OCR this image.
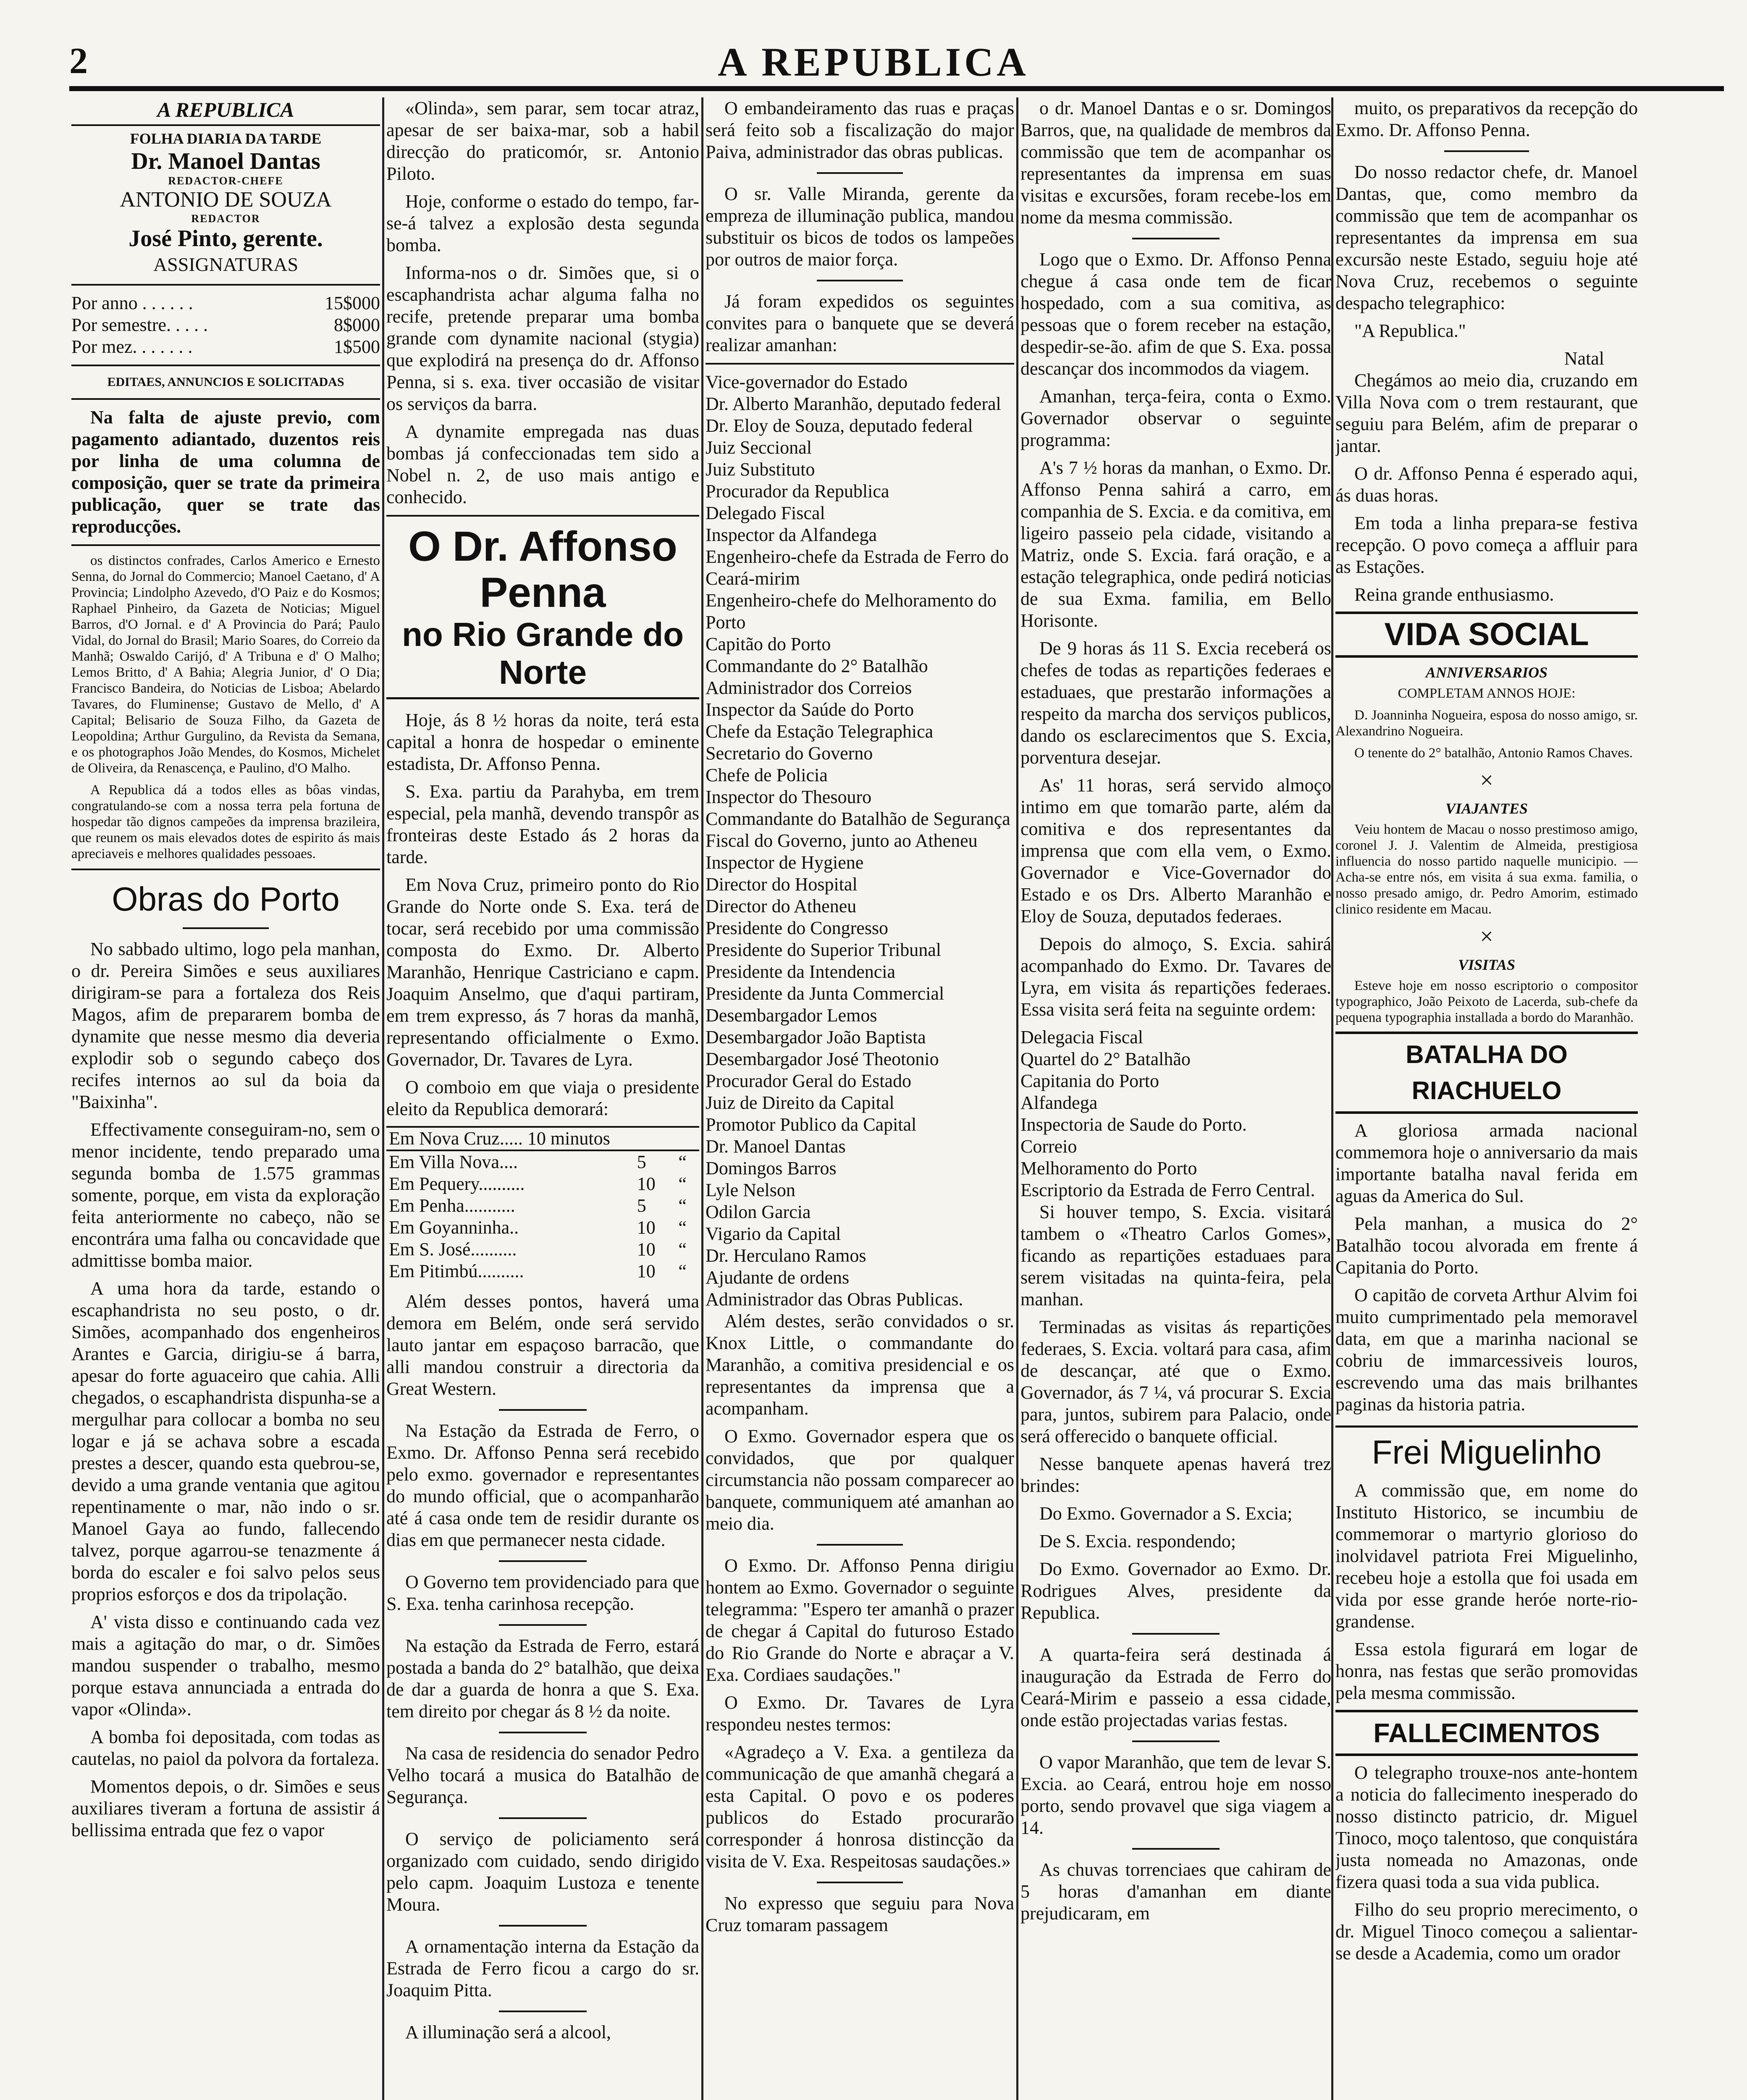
2	A REPUBLICA
A REPUBLICA
FOLHA DIARIA DA TARDE
Dr. Manoel Dantas
REDACTOR-CHEFE
ANTONIO DE SOUZA
REDACTOR
José Pinto, gerente.
ASSIGNATURAS
Por anno . . . . . .	15$000
Por semestre. . . . .	8$000
Por mez. . . . . . .	1$500
EDITAES, ANNUNCIOS E SOLICITADAS

Na falta de ajuste previo, com pagamento adiantado, duzentos reis por linha de uma columna de composição, quer se trate da primeira publicação, quer se trate das reproducções.

os distinctos confrades, Carlos Americo e Ernesto Senna, do Jornal do Commercio; Manoel Caetano, d' A Provincia; Lindolpho Azevedo, d'O Paiz e do Kosmos; Raphael Pinheiro, da Gazeta de Noticias; Miguel Barros, d'O Jornal. e d' A Provincia do Pará; Paulo Vidal, do Jornal do Brasil; Mario Soares, do Correio da Manhã; Oswaldo Carijó, d' A Tribuna e d' O Malho; Lemos Britto, d' A Bahia; Alegria Junior, d' O Dia; Francisco Bandeira, do Noticias de Lisboa; Abelardo Tavares, do Fluminense; Gustavo de Mello, d' A Capital; Belisario de Souza Filho, da Gazeta de Leopoldina; Arthur Gurgulino, da Revista da Semana, e os photographos João Mendes, do Kosmos, Michelet de Oliveira, da Renascença, e Paulino, d'O Malho.

A Republica dá a todos elles as bôas vindas, congratulando-se com a nossa terra pela fortuna de hospedar tão dignos campeões da imprensa brazileira, que reunem os mais elevados dotes de espirito ás mais apreciaveis e melhores qualidades pessoaes.

Obras do Porto

No sabbado ultimo, logo pela manhan, o dr. Pereira Simões e seus auxiliares dirigiram-se para a fortaleza dos Reis Magos, afim de prepararem bomba de dynamite que nesse mesmo dia deveria explodir sob o segundo cabeço dos recifes internos ao sul da boia da "Baixinha".

Effectivamente conseguiram-no, sem o menor incidente, tendo preparado uma segunda bomba de 1.575 grammas somente, porque, em vista da exploração feita anteriormente no cabeço, não se encontrára uma falha ou concavidade que admittisse bomba maior.

A uma hora da tarde, estando o escaphandrista no seu posto, o dr. Simões, acompanhado dos engenheiros Arantes e Garcia, dirigiu-se á barra, apesar do forte aguaceiro que cahia. Alli chegados, o escaphandrista dispunha-se a mergulhar para collocar a bomba no seu logar e já se achava sobre a escada prestes a descer, quando esta quebrou-se, devido a uma grande ventania que agitou repentinamente o mar, não indo o sr. Manoel Gaya ao fundo, fallecendo talvez, porque agarrou-se tenazmente á borda do escaler e foi salvo pelos seus proprios esforços e dos da tripolação.

A' vista disso e continuando cada vez mais a agitação do mar, o dr. Simões mandou suspender o trabalho, mesmo porque estava annunciada a entrada do vapor «Olinda».

A bomba foi depositada, com todas as cautelas, no paiol da polvora da fortaleza.

Momentos depois, o dr. Simões e seus auxiliares tiveram a fortuna de assistir á bellissima entrada que fez o vapor

«Olinda», sem parar, sem tocar atraz, apesar de ser baixa-mar, sob a habil direcção do praticomór, sr. Antonio Piloto.

Hoje, conforme o estado do tempo, far-se-á talvez a explosão desta segunda bomba.

Informa-nos o dr. Simões que, si o escaphandrista achar alguma falha no recife, pretende preparar uma bomba grande com dynamite nacional (stygia) que explodirá na presença do dr. Affonso Penna, si s. exa. tiver occasião de visitar os serviços da barra.

A dynamite empregada nas duas bombas já confeccionadas tem sido a Nobel n. 2, de uso mais antigo e conhecido.

O Dr. Affonso Penna
no Rio Grande do Norte

Hoje, ás 8 ½ horas da noite, terá esta capital a honra de hospedar o eminente estadista, Dr. Affonso Penna.

S. Exa. partiu da Parahyba, em trem especial, pela manhã, devendo transpôr as fronteiras deste Estado ás 2 horas da tarde.

Em Nova Cruz, primeiro ponto do Rio Grande do Norte onde S. Exa. terá de tocar, será recebido por uma commissão composta do Exmo. Dr. Alberto Maranhão, Henrique Castriciano e capm. Joaquim Anselmo, que d'aqui partiram, em trem expresso, ás 7 horas da manhã, representando officialmente o Exmo. Governador, Dr. Tavares de Lyra.

O comboio em que viaja o presidente eleito da Republica demorará:

Em Nova Cruz..... 10 minutos		
Em Villa Nova....	5	“
Em Pequery..........	10	“
Em Penha...........	5	“
Em Goyanninha..	10	“
Em S. José..........	10	“
Em Pitimbú..........	10	“

Além desses pontos, haverá uma demora em Belém, onde será servido lauto jantar em espaçoso barracão, que alli mandou construir a directoria da Great Western.

Na Estação da Estrada de Ferro, o Exmo. Dr. Affonso Penna será recebido pelo exmo. governador e representantes do mundo official, que o acompanharão até á casa onde tem de residir durante os dias em que permanecer nesta cidade.

O Governo tem providenciado para que S. Exa. tenha carinhosa recepção.

Na estação da Estrada de Ferro, estará postada a banda do 2° batalhão, que deixa de dar a guarda de honra a que S. Exa. tem direito por chegar ás 8 ½ da noite.

Na casa de residencia do senador Pedro Velho tocará a musica do Batalhão de Segurança.

O serviço de policiamento será organizado com cuidado, sendo dirigido pelo capm. Joaquim Lustoza e tenente Moura.

A ornamentação interna da Estação da Estrada de Ferro ficou a cargo do sr. Joaquim Pitta.

A illuminação será a alcool,

O embandeiramento das ruas e praças será feito sob a fiscalização do major Paiva, administrador das obras publicas.

O sr. Valle Miranda, gerente da empreza de illuminação publica, mandou substituir os bicos de todos os lampeões por outros de maior força.

Já foram expedidos os seguintes convites para o banquete que se deverá realizar amanhan:

Vice-governador do Estado
Dr. Alberto Maranhão, deputado federal
Dr. Eloy de Souza, deputado federal
Juiz Seccional
Juiz Substituto
Procurador da Republica
Delegado Fiscal
Inspector da Alfandega
Engenheiro-chefe da Estrada de Ferro do Ceará-mirim
Engenheiro-chefe do Melhoramento do Porto
Capitão do Porto
Commandante do 2° Batalhão
Administrador dos Correios
Inspector da Saúde do Porto
Chefe da Estação Telegraphica
Secretario do Governo
Chefe de Policia
Inspector do Thesouro
Commandante do Batalhão de Segurança
Fiscal do Governo, junto ao Atheneu
Inspector de Hygiene
Director do Hospital
Director do Atheneu
Presidente do Congresso
Presidente do Superior Tribunal
Presidente da Intendencia
Presidente da Junta Commercial
Desembargador Lemos
Desembargador João Baptista
Desembargador José Theotonio
Procurador Geral do Estado
Juiz de Direito da Capital
Promotor Publico da Capital
Dr. Manoel Dantas
Domingos Barros
Lyle Nelson
Odilon Garcia
Vigario da Capital
Dr. Herculano Ramos
Ajudante de ordens
Administrador das Obras Publicas.

Além destes, serão convidados o sr. Knox Little, o commandante do Maranhão, a comitiva presidencial e os representantes da imprensa que a acompanham.

O Exmo. Governador espera que os convidados, que por qualquer circumstancia não possam comparecer ao banquete, communiquem até amanhan ao meio dia.

O Exmo. Dr. Affonso Penna dirigiu hontem ao Exmo. Governador o seguinte telegramma: "Espero ter amanhã o prazer de chegar á Capital do futuroso Estado do Rio Grande do Norte e abraçar a V. Exa. Cordiaes saudações."

O Exmo. Dr. Tavares de Lyra respondeu nestes termos:

«Agradeço a V. Exa. a gentileza da communicação de que amanhã chegará a esta Capital. O povo e os poderes publicos do Estado procurarão corresponder á honrosa distincção da visita de V. Exa. Respeitosas saudações.»

No expresso que seguiu para Nova Cruz tomaram passagem

o dr. Manoel Dantas e o sr. Domingos Barros, que, na qualidade de membros da commissão que tem de acompanhar os representantes da imprensa em suas visitas e excursões, foram recebe-los em nome da mesma commissão.

Logo que o Exmo. Dr. Affonso Penna chegue á casa onde tem de ficar hospedado, com a sua comitiva, as pessoas que o forem receber na estação, despedir-se-ão. afim de que S. Exa. possa descançar dos incommodos da viagem.

Amanhan, terça-feira, conta o Exmo. Governador observar o seguinte programma:

A's 7 ½ horas da manhan, o Exmo. Dr. Affonso Penna sahirá a carro, em companhia de S. Excia. e da comitiva, em ligeiro passeio pela cidade, visitando a Matriz, onde S. Excia. fará oração, e a estação telegraphica, onde pedirá noticias de sua Exma. familia, em Bello Horisonte.

De 9 horas ás 11 S. Excia receberá os chefes de todas as repartições federaes e estaduaes, que prestarão informações a respeito da marcha dos serviços publicos, dando os esclarecimentos que S. Excia, porventura desejar.

As' 11 horas, será servido almoço intimo em que tomarão parte, além da comitiva e dos representantes da imprensa que com ella vem, o Exmo. Governador e Vice-Governador do Estado e os Drs. Alberto Maranhão e Eloy de Souza, deputados federaes.

Depois do almoço, S. Excia. sahirá acompanhado do Exmo. Dr. Tavares de Lyra, em visita ás repartições federaes. Essa visita será feita na seguinte ordem:

Delegacia Fiscal
Quartel do 2° Batalhão
Capitania do Porto
Alfandega
Inspectoria de Saude do Porto.
Correio
Melhoramento do Porto
Escriptorio da Estrada de Ferro Central.

Si houver tempo, S. Excia. visitará tambem o «Theatro Carlos Gomes», ficando as repartições estaduaes para serem visitadas na quinta-feira, pela manhan.

Terminadas as visitas ás repartições federaes, S. Excia. voltará para casa, afim de descançar, até que o Exmo. Governador, ás 7 ¼, vá procurar S. Excia para, juntos, subirem para Palacio, onde será offerecido o banquete official.

Nesse banquete apenas haverá trez brindes:

Do Exmo. Governador a S. Excia;

De S. Excia. respondendo;

Do Exmo. Governador ao Exmo. Dr. Rodrigues Alves, presidente da Republica.

A quarta-feira será destinada á inauguração da Estrada de Ferro do Ceará-Mirim e passeio a essa cidade, onde estão projectadas varias festas.

O vapor Maranhão, que tem de levar S. Excia. ao Ceará, entrou hoje em nosso porto, sendo provavel que siga viagem a 14.

As chuvas torrenciaes que cahiram de 5 horas d'amanhan em diante prejudicaram, em

muito, os preparativos da recepção do Exmo. Dr. Affonso Penna.

Do nosso redactor chefe, dr. Manoel Dantas, que, como membro da commissão que tem de acompanhar os representantes da imprensa em sua excursão neste Estado, seguiu hoje até Nova Cruz, recebemos o seguinte despacho telegraphico:

"A Republica."

Natal

Chegámos ao meio dia, cruzando em Villa Nova com o trem restaurant, que seguiu para Belém, afim de preparar o jantar.

O dr. Affonso Penna é esperado aqui, ás duas horas.

Em toda a linha prepara-se festiva recepção. O povo começa a affluir para as Estações.

Reina grande enthusiasmo.

VIDA SOCIAL
ANNIVERSARIOS

COMPLETAM ANNOS HOJE:

D. Joanninha Nogueira, esposa do nosso amigo, sr. Alexandrino Nogueira.

O tenente do 2° batalhão, Antonio Ramos Chaves.

×
VIAJANTES

Veiu hontem de Macau o nosso prestimoso amigo, coronel J. J. Valentim de Almeida, prestigiosa influencia do nosso partido naquelle municipio. —Acha-se entre nós, em visita á sua exma. familia, o nosso presado amigo, dr. Pedro Amorim, estimado clinico residente em Macau.

×
VISITAS

Esteve hoje em nosso escriptorio o compositor typographico, João Peixoto de Lacerda, sub-chefe da pequena typographia installada a bordo do Maranhão.

BATALHA DO RIACHUELO

A gloriosa armada nacional commemora hoje o anniversario da mais importante batalha naval ferida em aguas da America do Sul.

Pela manhan, a musica do 2° Batalhão tocou alvorada em frente á Capitania do Porto.

O capitão de corveta Arthur Alvim foi muito cumprimentado pela memoravel data, em que a marinha nacional se cobriu de immarcessiveis louros, escrevendo uma das mais brilhantes paginas da historia patria.

Frei Miguelinho

A commissão que, em nome do Instituto Historico, se incumbiu de commemorar o martyrio glorioso do inolvidavel patriota Frei Miguelinho, recebeu hoje a estolla que foi usada em vida por esse grande heróe norte-rio-grandense.

Essa estola figurará em logar de honra, nas festas que serão promovidas pela mesma commissão.

FALLECIMENTOS

O telegrapho trouxe-nos ante-hontem a noticia do fallecimento inesperado do nosso distincto patricio, dr. Miguel Tinoco, moço talentoso, que conquistára justa nomeada no Amazonas, onde fizera quasi toda a sua vida publica.

Filho do seu proprio merecimento, o dr. Miguel Tinoco começou a salientar-se desde a Academia, como um orador
